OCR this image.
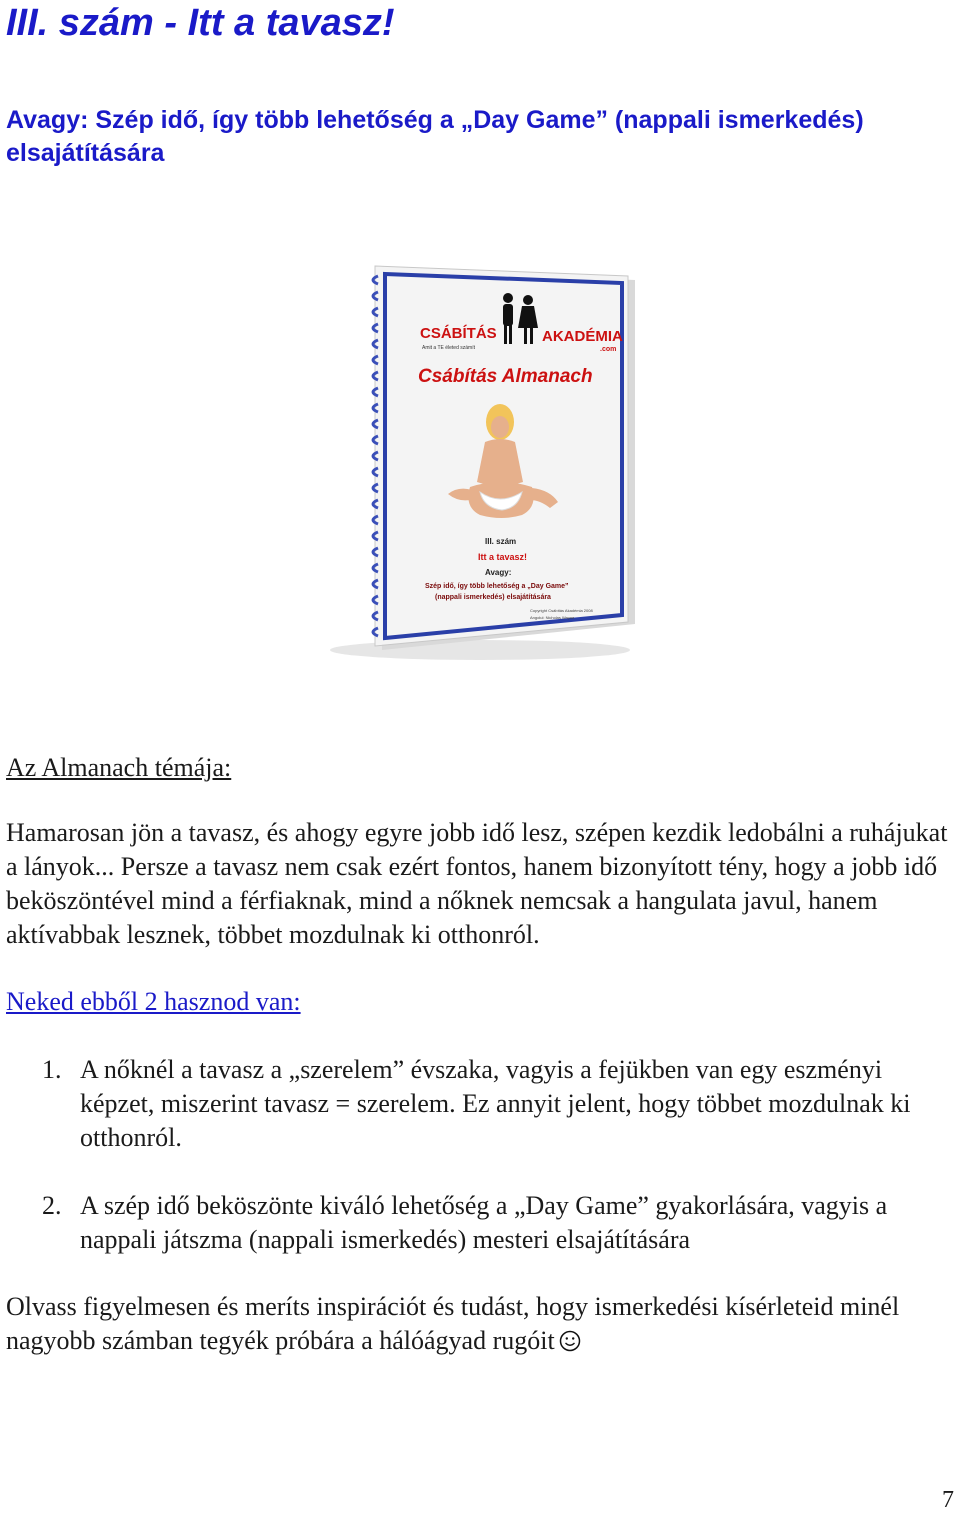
III. szám - Itt a tavasz!
Avagy: Szép idő, így több lehetőség a „Day Game” (nappali ismerkedés) elsajátítására
CSÁBÍTÁS	AKADÉMIA
.com
Amit a TE életed számít
Csábítás Almanach
III. szám
Itt a tavasz!
Avagy:
Szép idő, így több lehetőség a „Day Game”
(nappali ismerkedés) elsajátítására
Copyright Csábítás Akadémia 2008
Angolul: Nicholas Wayne
Az Almanach témája:
Hamarosan jön a tavasz, és ahogy egyre jobb idő lesz, szépen kezdik ledobálni a ruhájukat a lányok... Persze a tavasz nem csak ezért fontos, hanem bizonyított tény, hogy a jobb idő beköszöntével mind a férfiaknak, mind a nőknek nemcsak a hangulata javul, hanem aktívabbak lesznek, többet mozdulnak ki otthonról.
Neked ebből 2 hasznod van:
1. A nőknél a tavasz a „szerelem” évszaka, vagyis a fejükben van egy eszményi képzet, miszerint tavasz = szerelem. Ez annyit jelent, hogy többet mozdulnak ki otthonról.
2. A szép idő beköszönte kiváló lehetőség a „Day Game” gyakorlására, vagyis a nappali játszma (nappali ismerkedés) mesteri elsajátítására
Olvass figyelmesen és meríts inspirációt és tudást, hogy ismerkedési kísérleteid minél nagyobb számban tegyék próbára a hálóágyad rugóit
7
